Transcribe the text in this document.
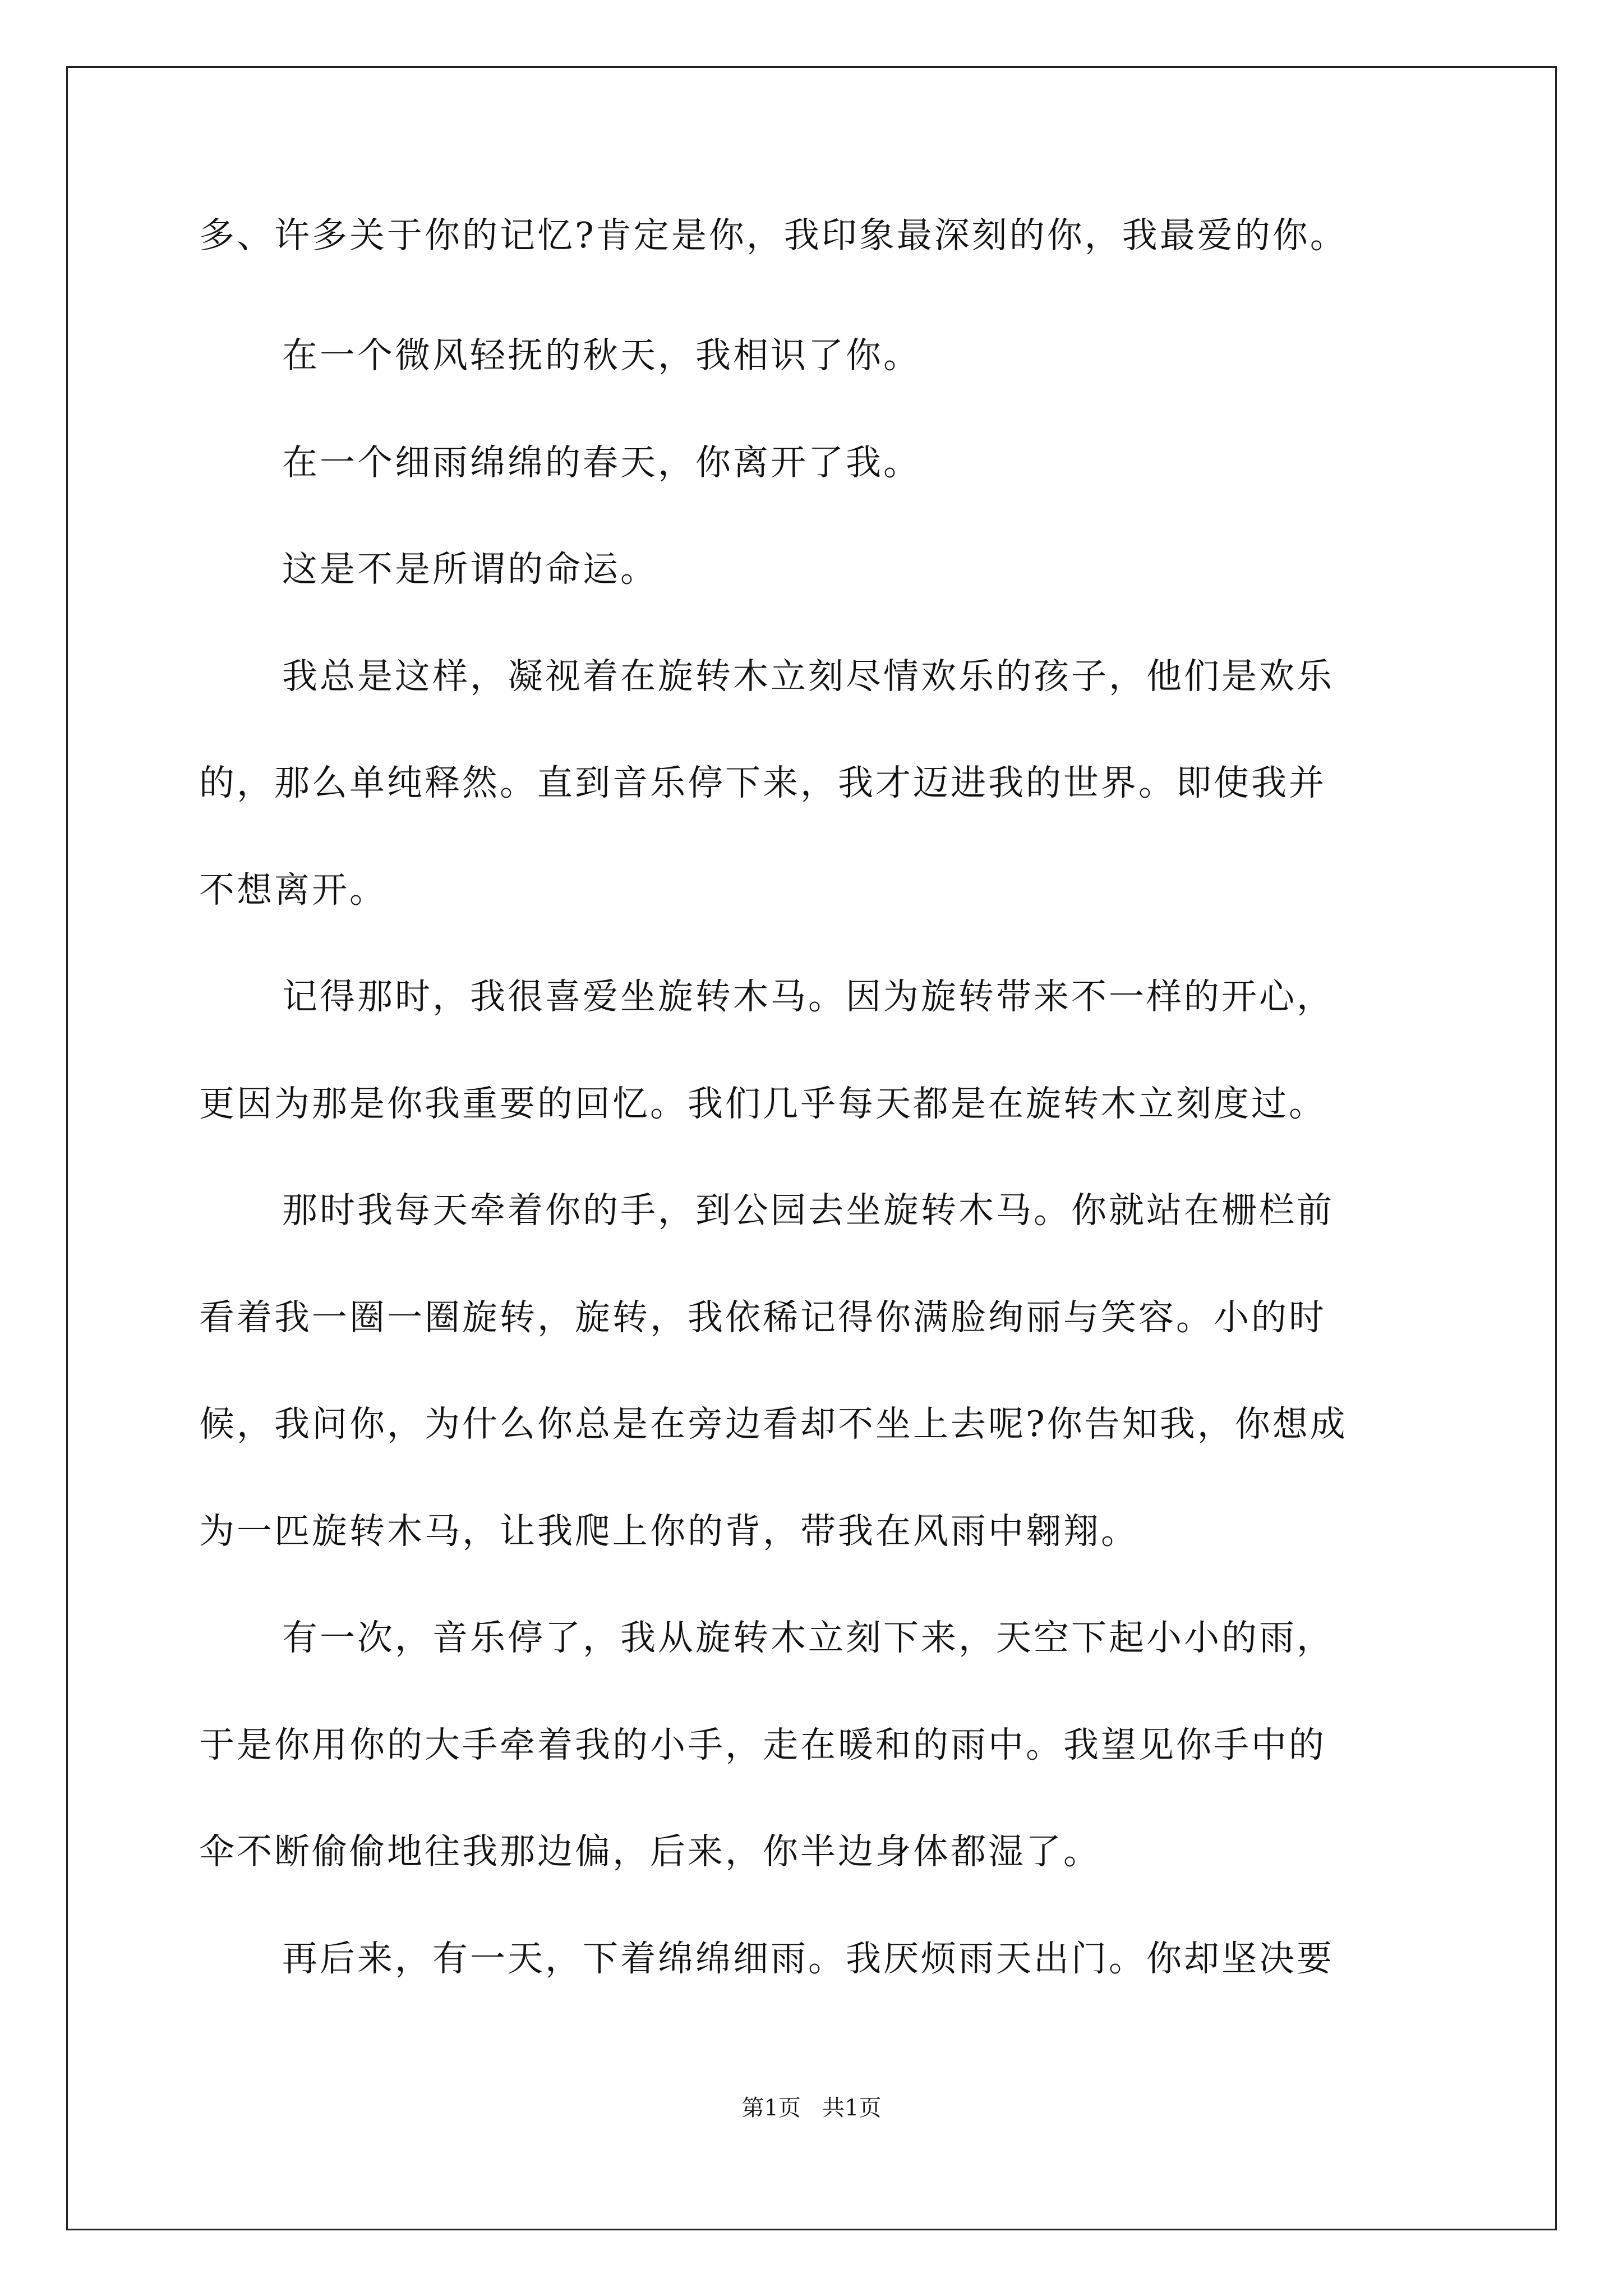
多、许多关于你的记忆?肯定是你，我印象最深刻的你，我最爱的你。
在一个微风轻抚的秋天，我相识了你。
在一个细雨绵绵的春天，你离开了我。
这是不是所谓的命运。
我总是这样，凝视着在旋转木立刻尽情欢乐的孩子，他们是欢乐
的，那么单纯释然。直到音乐停下来，我才迈进我的世界。即使我并
不想离开。
记得那时，我很喜爱坐旋转木马。因为旋转带来不一样的开心，
更因为那是你我重要的回忆。我们几乎每天都是在旋转木立刻度过。
那时我每天牵着你的手，到公园去坐旋转木马。你就站在栅栏前
看着我一圈一圈旋转，旋转，我依稀记得你满脸绚丽与笑容。小的时
候，我问你，为什么你总是在旁边看却不坐上去呢?你告知我，你想成
为一匹旋转木马，让我爬上你的背，带我在风雨中翱翔。
有一次，音乐停了，我从旋转木立刻下来，天空下起小小的雨，
于是你用你的大手牵着我的小手，走在暖和的雨中。我望见你手中的
伞不断偷偷地往我那边偏，后来，你半边身体都湿了。
再后来，有一天，下着绵绵细雨。我厌烦雨天出门。你却坚决要
第1页   共1页
